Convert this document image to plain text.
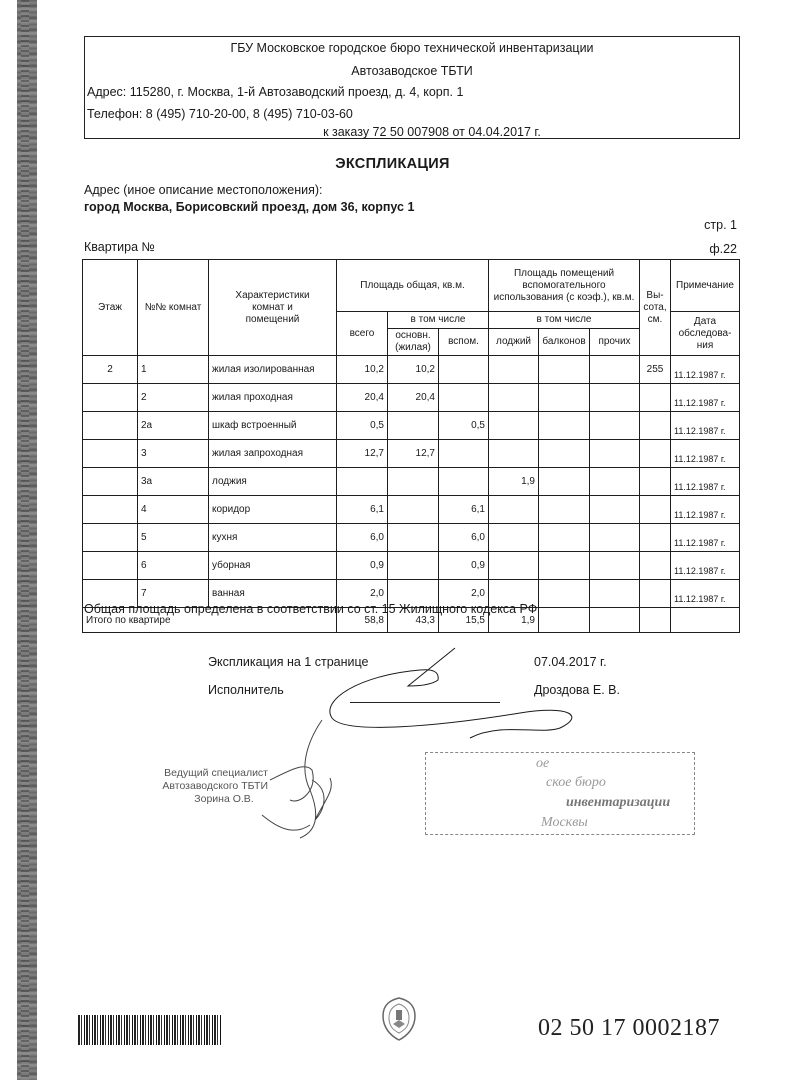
ГБУ Московское городское бюро технической инвентаризации
Автозаводское ТБТИ
Адрес: 115280, г. Москва, 1-й Автозаводский проезд, д. 4, корп. 1
Телефон: 8 (495) 710-20-00, 8 (495) 710-03-60
к заказу 72 50 007908 от 04.04.2017 г.
ЭКСПЛИКАЦИЯ
Адрес (иное описание местоположения):
город Москва, Борисовский проезд, дом 36, корпус 1
стр. 1
Квартира №	ф.22
Этаж	№№ комнат	Характеристики комнат и помещений	Площадь общая, кв.м.			Площадь помещений вспомогательного использования (с коэф.), кв.м.			Вы-сота, см.	Примечание
			всего	в том числе		в том числе				Дата обследова-ния
				основн. (жилая)	вспом.	лоджий	балконов	прочих		
2	1	жилая изолированная	10,2	10,2					255	11.12.1987 г.
	2	жилая проходная	20,4	20,4						11.12.1987 г.
	2а	шкаф встроенный	0,5		0,5					11.12.1987 г.
	3	жилая запроходная	12,7	12,7						11.12.1987 г.
	3а	лоджия				1,9				11.12.1987 г.
	4	коридор	6,1		6,1					11.12.1987 г.
	5	кухня	6,0		6,0					11.12.1987 г.
	6	уборная	0,9		0,9					11.12.1987 г.
	7	ванная	2,0		2,0					11.12.1987 г.
Итого по квартире			58,8	43,3	15,5	1,9				
Общая площадь определена в соответствии со ст. 15 Жилищного кодекса РФ
Экспликация на 1 странице	07.04.2017 г.
Исполнитель	Дроздова Е. В.
Ведущий специалист
Автозаводского ТБТИ
Зорина О.В.
ое
ское бюро
инвентаризации
Москвы
02 50 17 0002187
